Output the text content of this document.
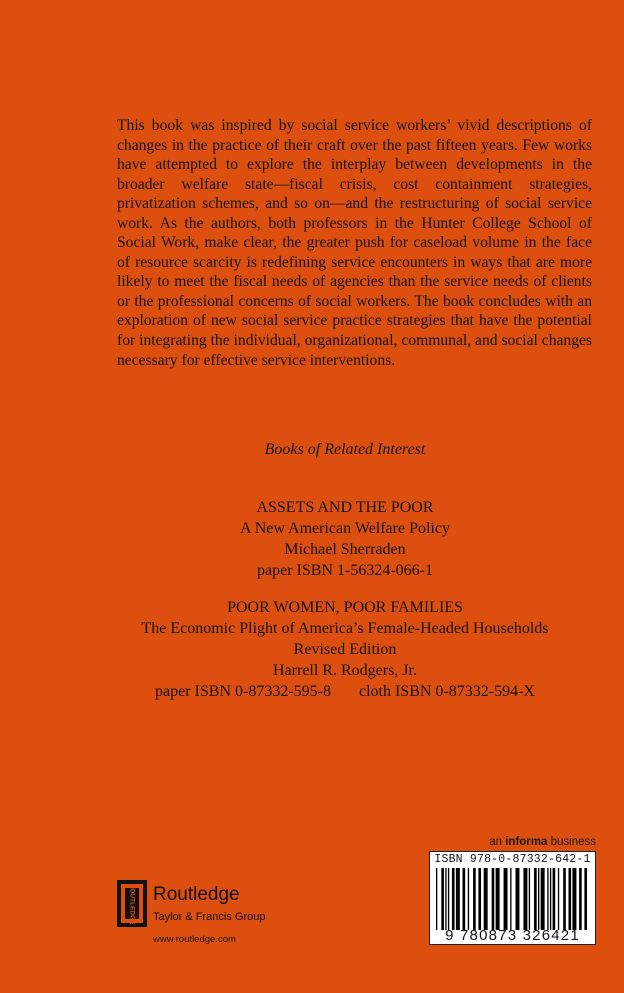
This book was inspired by social service workers’ vivid descriptions of changes in the practice of their craft over the past fifteen years. Few works have attempted to explore the interplay between developments in the broader welfare state—fiscal crisis, cost containment strategies, privatization schemes, and so on—and the restructuring of social service work. As the authors, both professors in the Hunter College School of Social Work, make clear, the greater push for caseload volume in the face of resource scarcity is redefining service encounters in ways that are more likely to meet the fiscal needs of agencies than the service needs of clients or the professional concerns of social workers. The book concludes with an exploration of new social service practice strategies that have the potential for integrating the individual, organizational, communal, and social changes necessary for effective service interventions.

Books of Related Interest

ASSETS AND THE POOR
A New American Welfare Policy
Michael Sherraden
paper ISBN 1-56324-066-1
POOR WOMEN, POOR FAMILIES
The Economic Plight of America’s Female-Headed Households
Revised Edition
Harrell R. Rodgers, Jr.
paper ISBN 0-87332-595-8 cloth ISBN 0-87332-594-X
an informa business
ISBN 978-0-87332-642-1
9 780873 326421
ROUTLEDGE Routledge
Taylor & Francis Group
www.routledge.com
